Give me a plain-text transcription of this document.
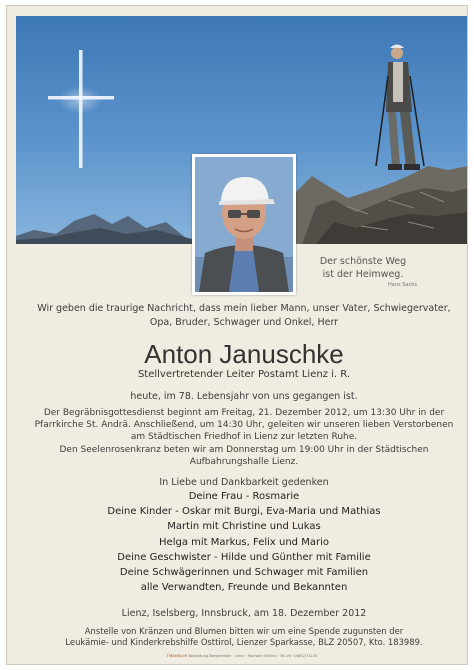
Der schönste Weg
ist der Heimweg.
Hans Sachs
Wir geben die traurige Nachricht, dass mein lieber Mann, unser Vater, Schwiegervater,
Opa, Bruder, Schwager und Onkel, Herr
Anton Januschke
Stellvertretender Leiter Postamt Lienz i. R.
heute, im 78. Lebensjahr von uns gegangen ist.
Der Begräbnisgottesdienst beginnt am Freitag, 21. Dezember 2012, um 13:30 Uhr in der
Pfarrkirche St. Andrä. Anschließend, um 14:30 Uhr, geleiten wir unseren lieben Verstorbenen
am Städtischen Friedhof in Lienz zur letzten Ruhe.
Den Seelenrosenkranz beten wir am Donnerstag um 19:00 Uhr in der Städtischen
Aufbahrungshalle Lienz.
In Liebe und Dankbarkeit gedenken
Deine Frau - Rosmarie
Deine Kinder - Oskar mit Burgi, Eva-Maria und Mathias
Martin mit Christine und Lukas
Helga mit Markus, Felix und Mario
Deine Geschwister - Hilde und Günther mit Familie
Deine Schwägerinnen und Schwager mit Familien
alle Verwandten, Freunde und Bekannten
Lienz, Iselsberg, Innsbruck, am 18. Dezember 2012
Anstelle von Kränzen und Blumen bitten wir um eine Spende zugunsten der
Leukämie- und Kinderkrebshilfe Osttirol, Lienzer Sparkasse, BLZ 20507, Kto. 183989.
TIRAMISU® Bestattung Bergmeister · Lienz · Mairwirt Osttirol · Tel.-Nr. 04852/71100
